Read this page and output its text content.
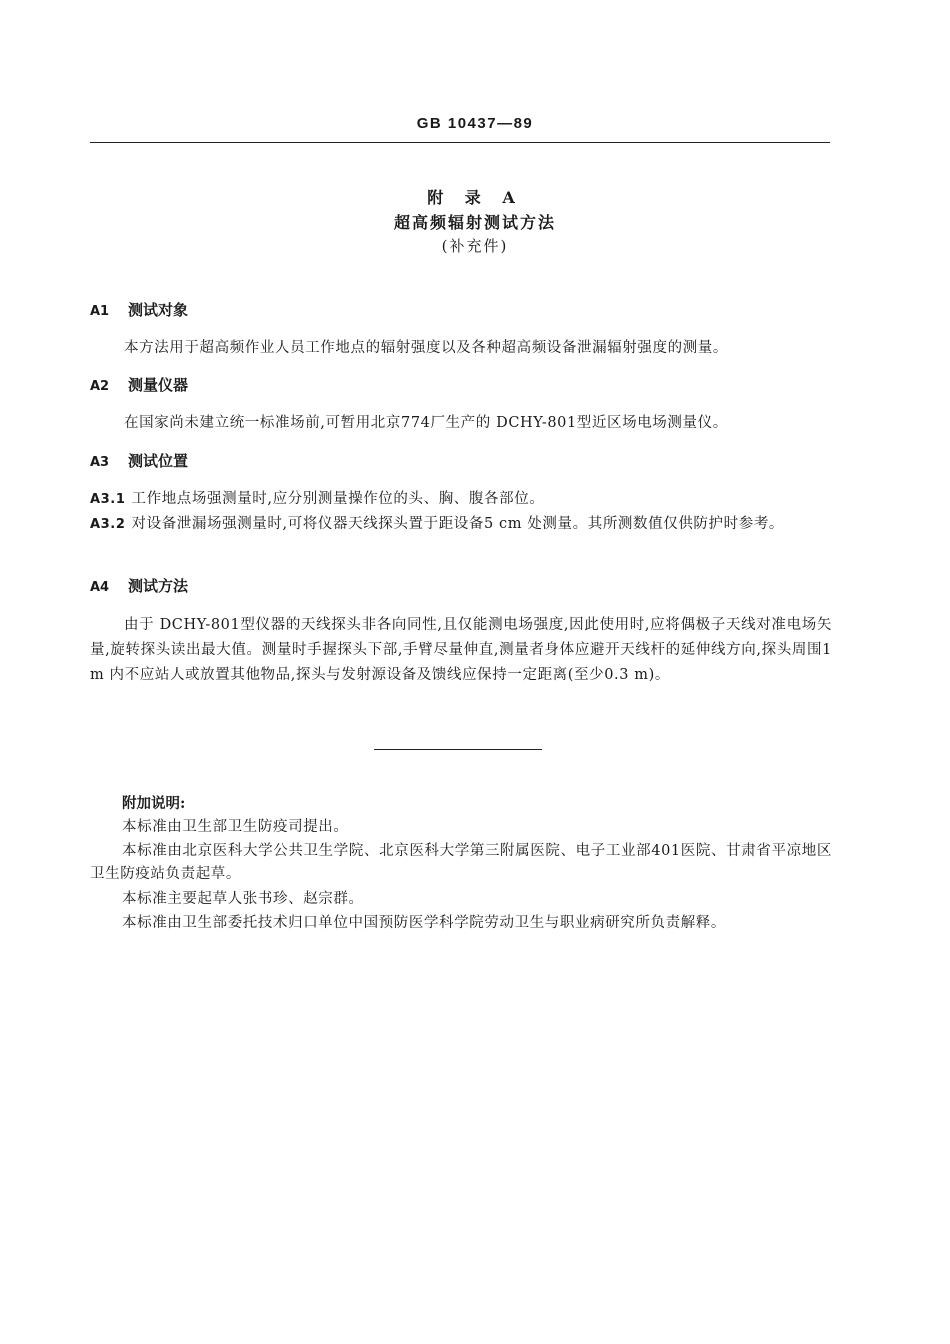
GB 10437—89
附 录 A
超高频辐射测试方法
(补充件)
A1 测试对象
本方法用于超高频作业人员工作地点的辐射强度以及各种超高频设备泄漏辐射强度的测量。
A2 测量仪器
在国家尚未建立统一标准场前,可暂用北京774厂生产的 DCHY-801型近区场电场测量仪。
A3 测试位置
A3.1 工作地点场强测量时,应分别测量操作位的头、胸、腹各部位。
A3.2 对设备泄漏场强测量时,可将仪器天线探头置于距设备5 cm 处测量。其所测数值仅供防护时参考。
A4 测试方法
由于 DCHY-801型仪器的天线探头非各向同性,且仅能测电场强度,因此使用时,应将偶极子天线对准电场矢量,旋转探头读出最大值。测量时手握探头下部,手臂尽量伸直,测量者身体应避开天线杆的延伸线方向,探头周围1 m 内不应站人或放置其他物品,探头与发射源设备及馈线应保持一定距离(至少0.3 m)。
附加说明:
本标准由卫生部卫生防疫司提出。
本标准由北京医科大学公共卫生学院、北京医科大学第三附属医院、电子工业部401医院、甘肃省平凉地区卫生防疫站负责起草。
本标准主要起草人张书珍、赵宗群。
本标准由卫生部委托技术归口单位中国预防医学科学院劳动卫生与职业病研究所负责解释。
